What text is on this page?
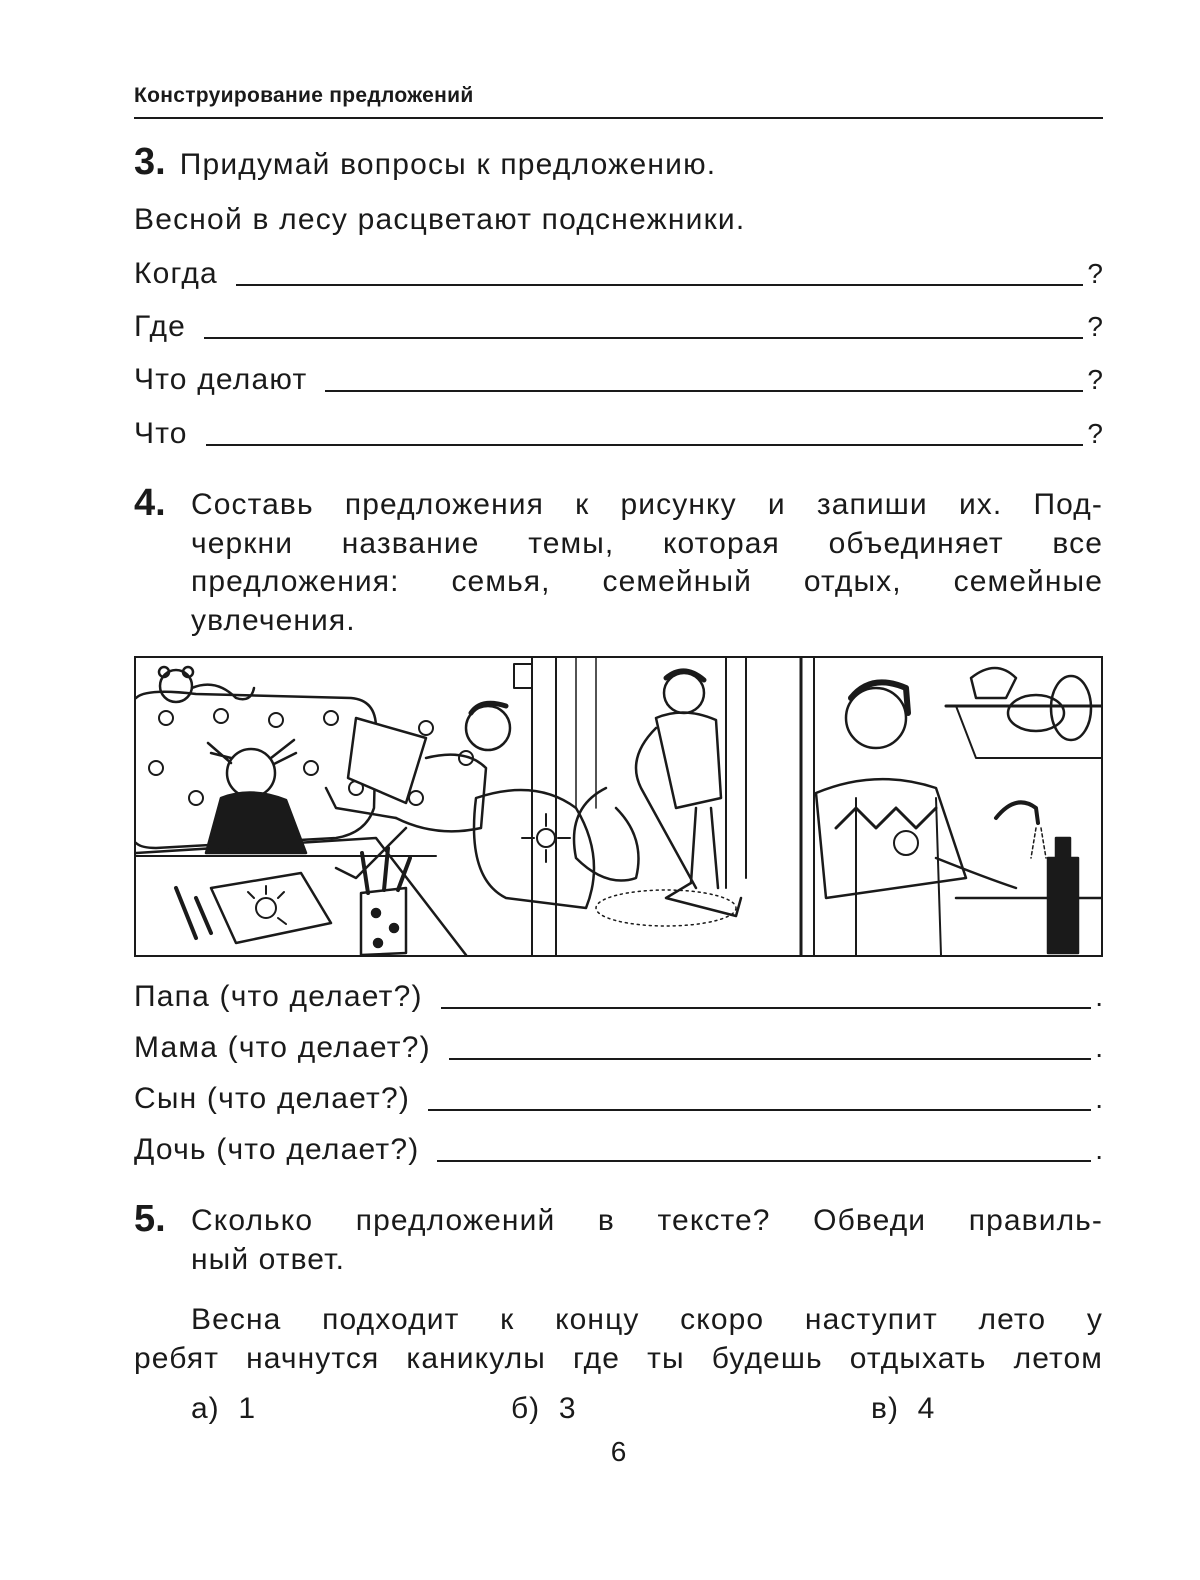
Конструирование предложений
3. Придумай вопросы к предложению.
Весной в лесу расцветают подснежники.
Когда	?
Где	?
Что делают	?
Что	?
4. Составь предложения к рисунку и запиши их. Под-

черкни название темы, которая объединяет все

предложения: семья, семейный отдых, семейные

увлечения.

Папа (что делает?)	.
Мама (что делает?)	.
Сын (что делает?)	.
Дочь (что делает?)	.
5. Сколько предложений в тексте? Обведи правиль-

ный ответ.

Весна подходит к концу скоро наступит лето у

ребят начнутся каникулы где ты будешь отдыхать летом

а) 1	б) 3	в) 4
6
